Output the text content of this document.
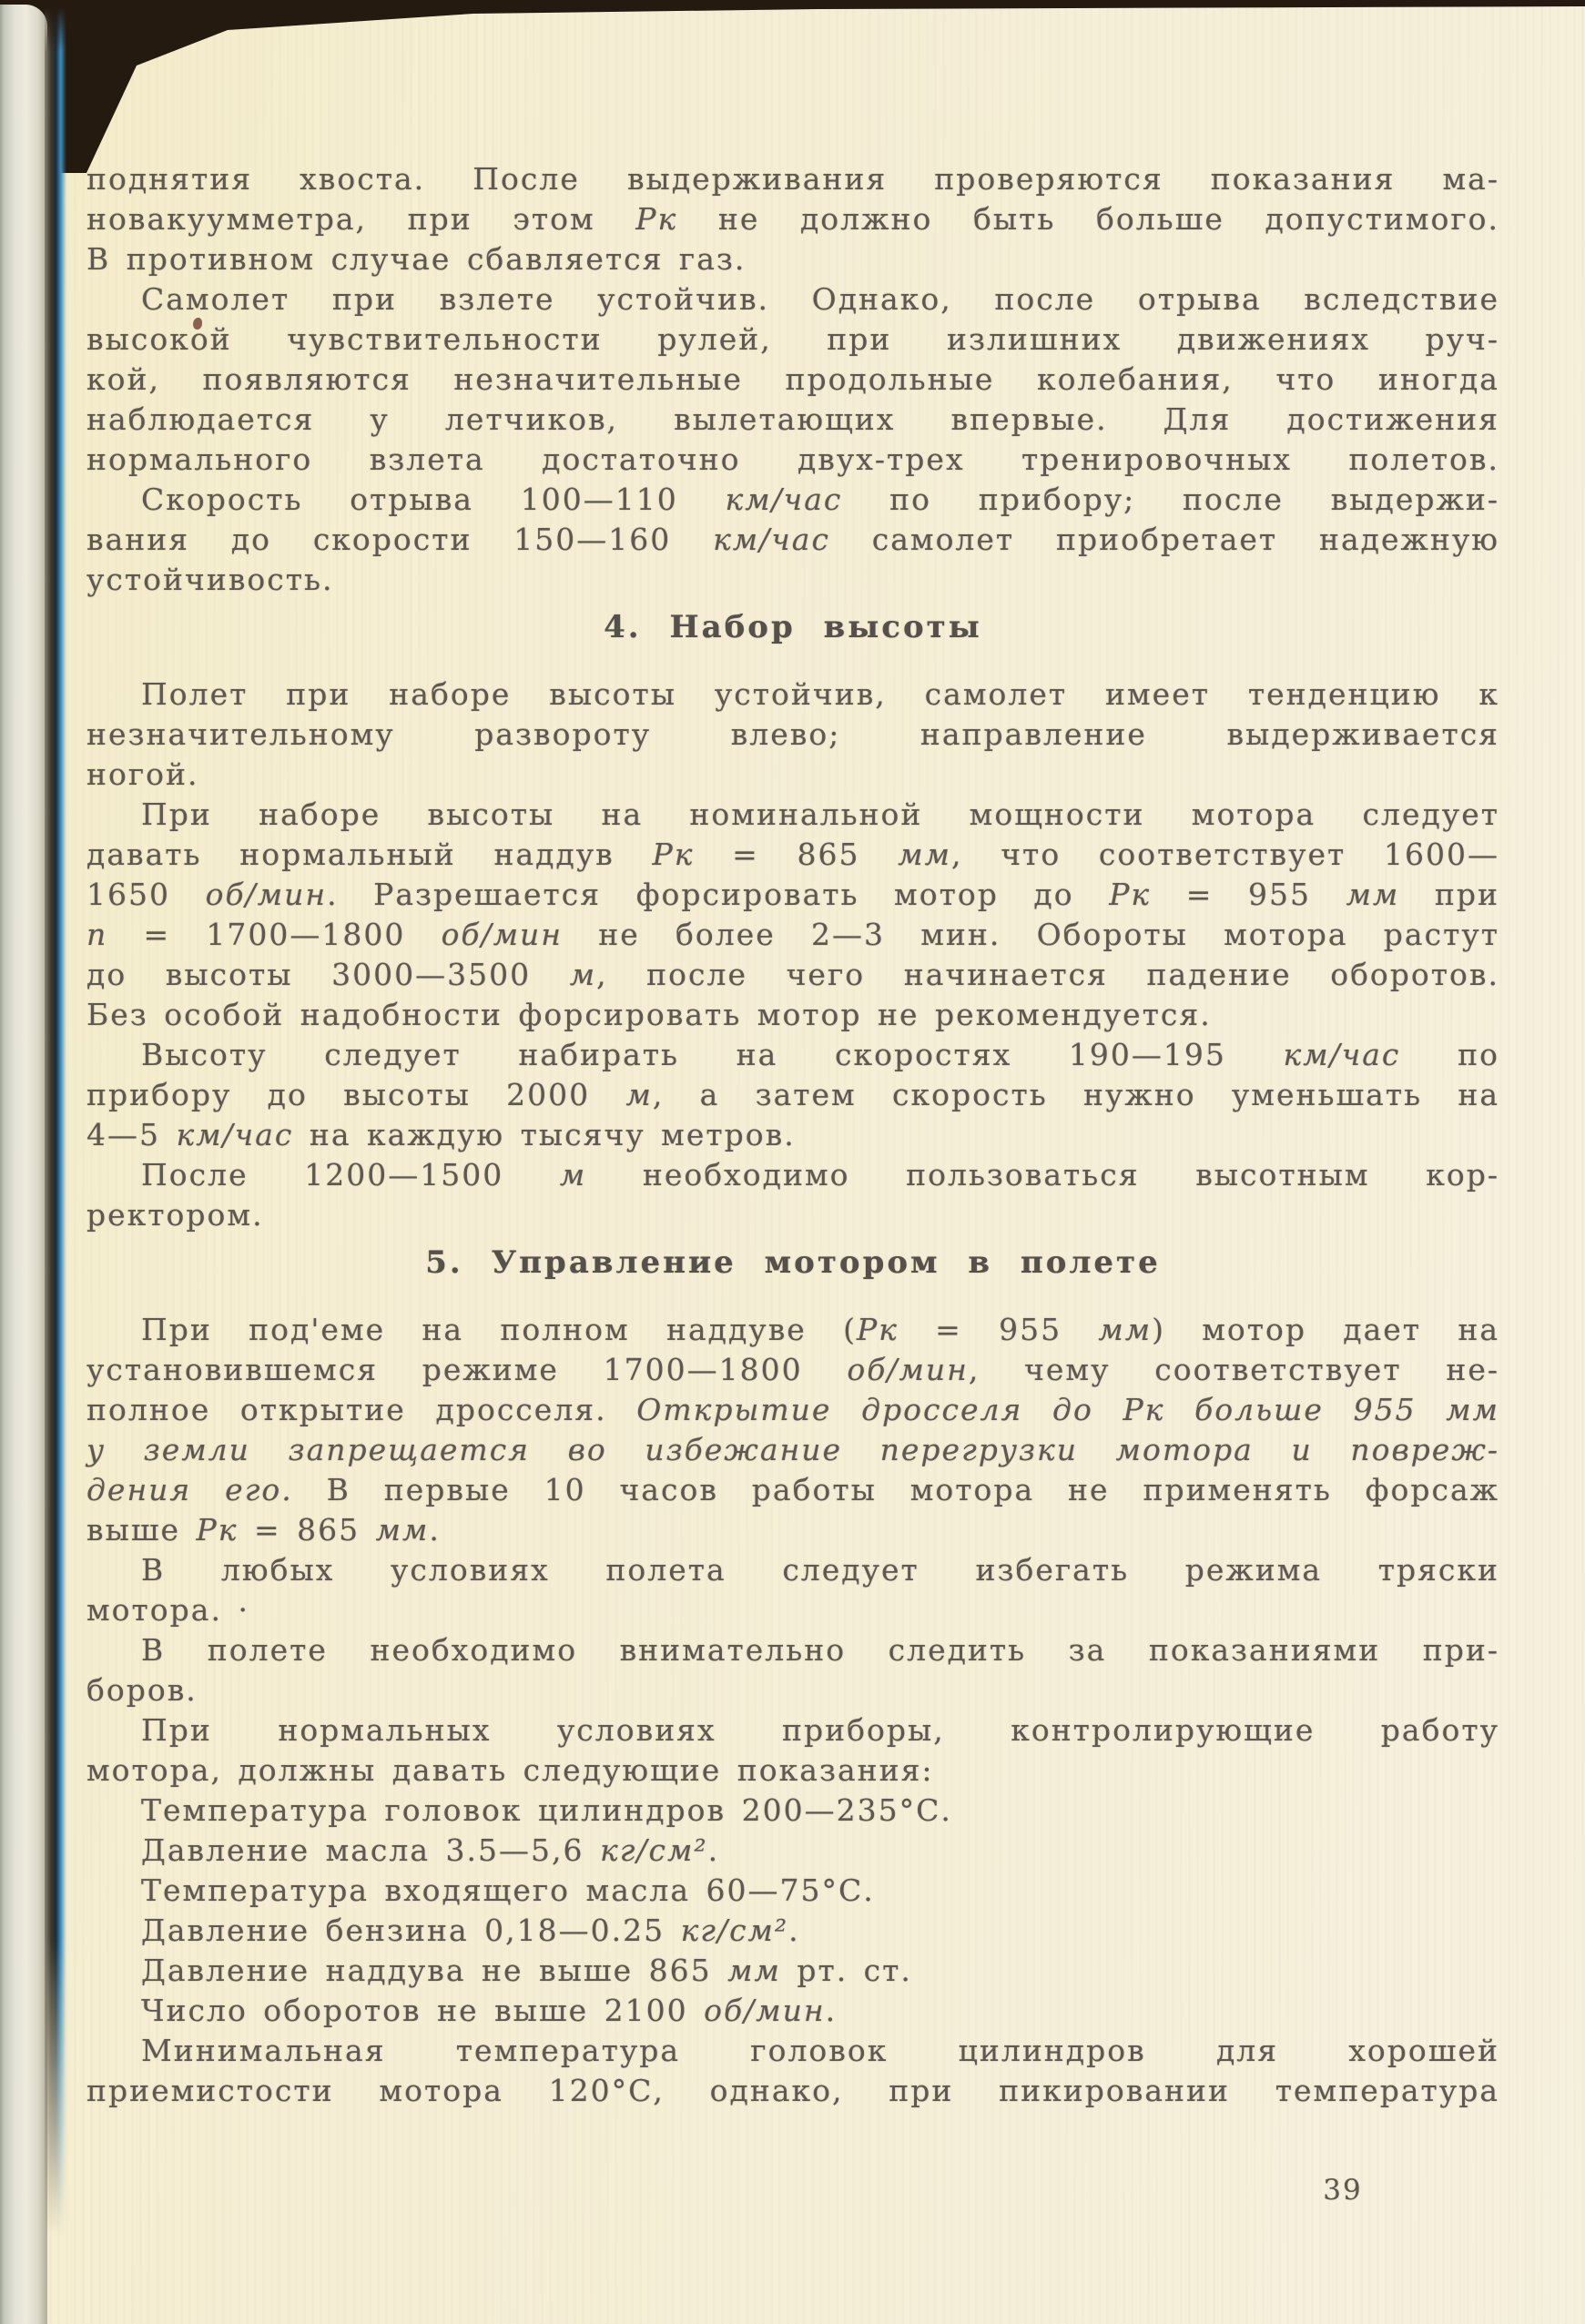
поднятия хвоста. После выдерживания проверяются показания ма-
новакуумметра, при этом Рк не должно быть больше допустимого.
В противном случае сбавляется газ.
Самолет при взлете устойчив. Однако, после отрыва вследствие
высокой чувствительности рулей, при излишних движениях руч-
кой, появляются незначительные продольные колебания, что иногда
наблюдается у летчиков, вылетающих впервые. Для достижения
нормального взлета достаточно двух-трех тренировочных полетов.
Скорость отрыва 100—110 км/час по прибору; после выдержи-
вания до скорости 150—160 км/час самолет приобретает надежную
устойчивость.
4. Набор высоты
Полет при наборе высоты устойчив, самолет имеет тенденцию к
незначительному развороту влево; направление выдерживается
ногой.
При наборе высоты на номинальной мощности мотора следует
давать нормальный наддув Рк = 865 мм, что соответствует 1600—
1650 об/мин. Разрешается форсировать мотор до Рк = 955 мм при
n = 1700—1800 об/мин не более 2—3 мин. Обороты мотора растут
до высоты 3000—3500 м, после чего начинается падение оборотов.
Без особой надобности форсировать мотор не рекомендуется.
Высоту следует набирать на скоростях 190—195 км/час по
прибору до высоты 2000 м, а затем скорость нужно уменьшать на
4—5 км/час на каждую тысячу метров.
После 1200—1500 м необходимо пользоваться высотным кор-
ректором.
5. Управление мотором в полете
При под'еме на полном наддуве (Рк = 955 мм) мотор дает на
установившемся режиме 1700—1800 об/мин, чему соответствует не-
полное открытие дросселя. Открытие дросселя до Рк больше 955 мм
у земли запрещается во избежание перегрузки мотора и повреж-
дения его. В первые 10 часов работы мотора не применять форсаж
выше Рк = 865 мм.
В любых условиях полета следует избегать режима тряски
мотора. ·
В полете необходимо внимательно следить за показаниями при-
боров.
При нормальных условиях приборы, контролирующие работу
мотора, должны давать следующие показания:
Температура головок цилиндров 200—235°С.
Давление масла 3.5—5,6 кг/см².
Температура входящего масла 60—75°С.
Давление бензина 0,18—0.25 кг/см².
Давление наддува не выше 865 мм рт. ст.
Число оборотов не выше 2100 об/мин.
Минимальная температура головок цилиндров для хорошей
приемистости мотора 120°С, однако, при пикировании температура
39
